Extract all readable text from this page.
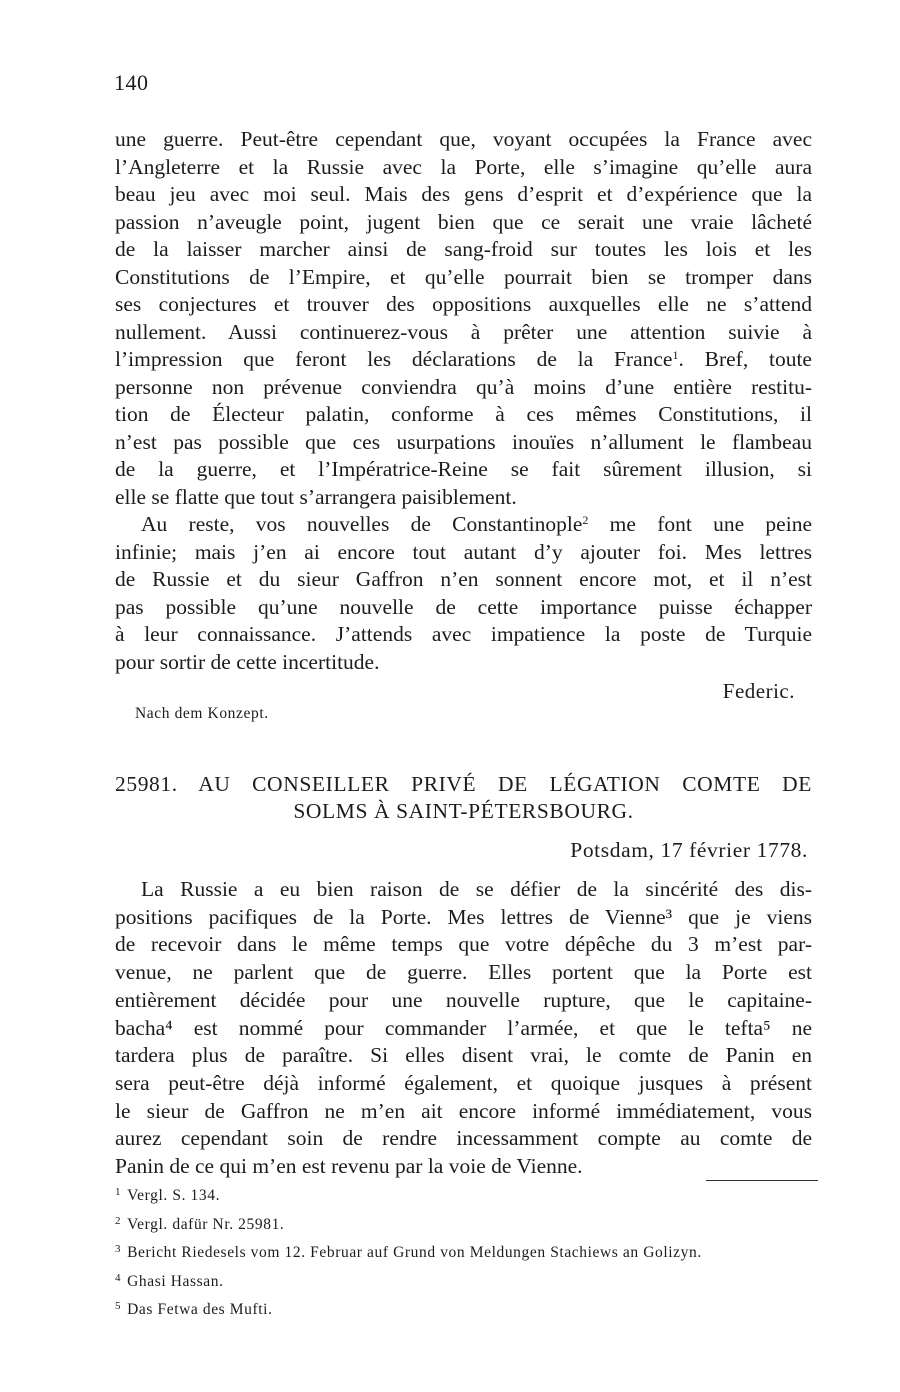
140
une guerre. Peut-être cependant que, voyant occupées la France avec
l’Angleterre et la Russie avec la Porte, elle s’imagine qu’elle aura
beau jeu avec moi seul. Mais des gens d’esprit et d’expérience que la
passion n’aveugle point, jugent bien que ce serait une vraie lâcheté
de la laisser marcher ainsi de sang-froid sur toutes les lois et les
Constitutions de l’Empire, et qu’elle pourrait bien se tromper dans
ses conjectures et trouver des oppositions auxquelles elle ne s’attend
nullement. Aussi continuerez-vous à prêter une attention suivie à
l’impression que feront les déclarations de la France$^1$. Bref, toute
personne non prévenue conviendra qu’à moins d’une entière restitu-
tion de Électeur palatin, conforme à ces mêmes Constitutions, il
n’est pas possible que ces usurpations inouïes n’allument le flambeau
de la guerre, et l’Impératrice-Reine se fait sûrement illusion, si
elle se flatte que tout s’arrangera paisiblement.
Au reste, vos nouvelles de Constantinople$^2$ me font une peine
infinie; mais j’en ai encore tout autant d’y ajouter foi. Mes lettres
de Russie et du sieur Gaffron n’en sonnent encore mot, et il n’est
pas possible qu’une nouvelle de cette importance puisse échapper
à leur connaissance. J’attends avec impatience la poste de Turquie
pour sortir de cette incertitude.
Federic.
Nach dem Konzept.
25981. AU CONSEILLER PRIVÉ DE LÉGATION COMTE DE
SOLMS À SAINT-PÉTERSBOURG.
Potsdam, 17 février 1778.
La Russie a eu bien raison de se défier de la sincérité des dis-
positions pacifiques de la Porte. Mes lettres de Vienne³ que je viens
de recevoir dans le même temps que votre dépêche du 3 m’est par-
venue, ne parlent que de guerre. Elles portent que la Porte est
entièrement décidée pour une nouvelle rupture, que le capitaine-
bacha⁴ est nommé pour commander l’armée, et que le tefta⁵ ne
tardera plus de paraître. Si elles disent vrai, le comte de Panin en
sera peut-être déjà informé également, et quoique jusques à présent
le sieur de Gaffron ne m’en ait encore informé immédiatement, vous
aurez cependant soin de rendre incessamment compte au comte de
Panin de ce qui m’en est revenu par la voie de Vienne.
$^1$ Vergl. S. 134.
$^2$ Vergl. dafür Nr. 25981.
$^3$ Bericht Riedesels vom 12. Februar auf Grund von Meldungen Stachiews an Golizyn.
$^4$ Ghasi Hassan.
$^5$ Das Fetwa des Mufti.
